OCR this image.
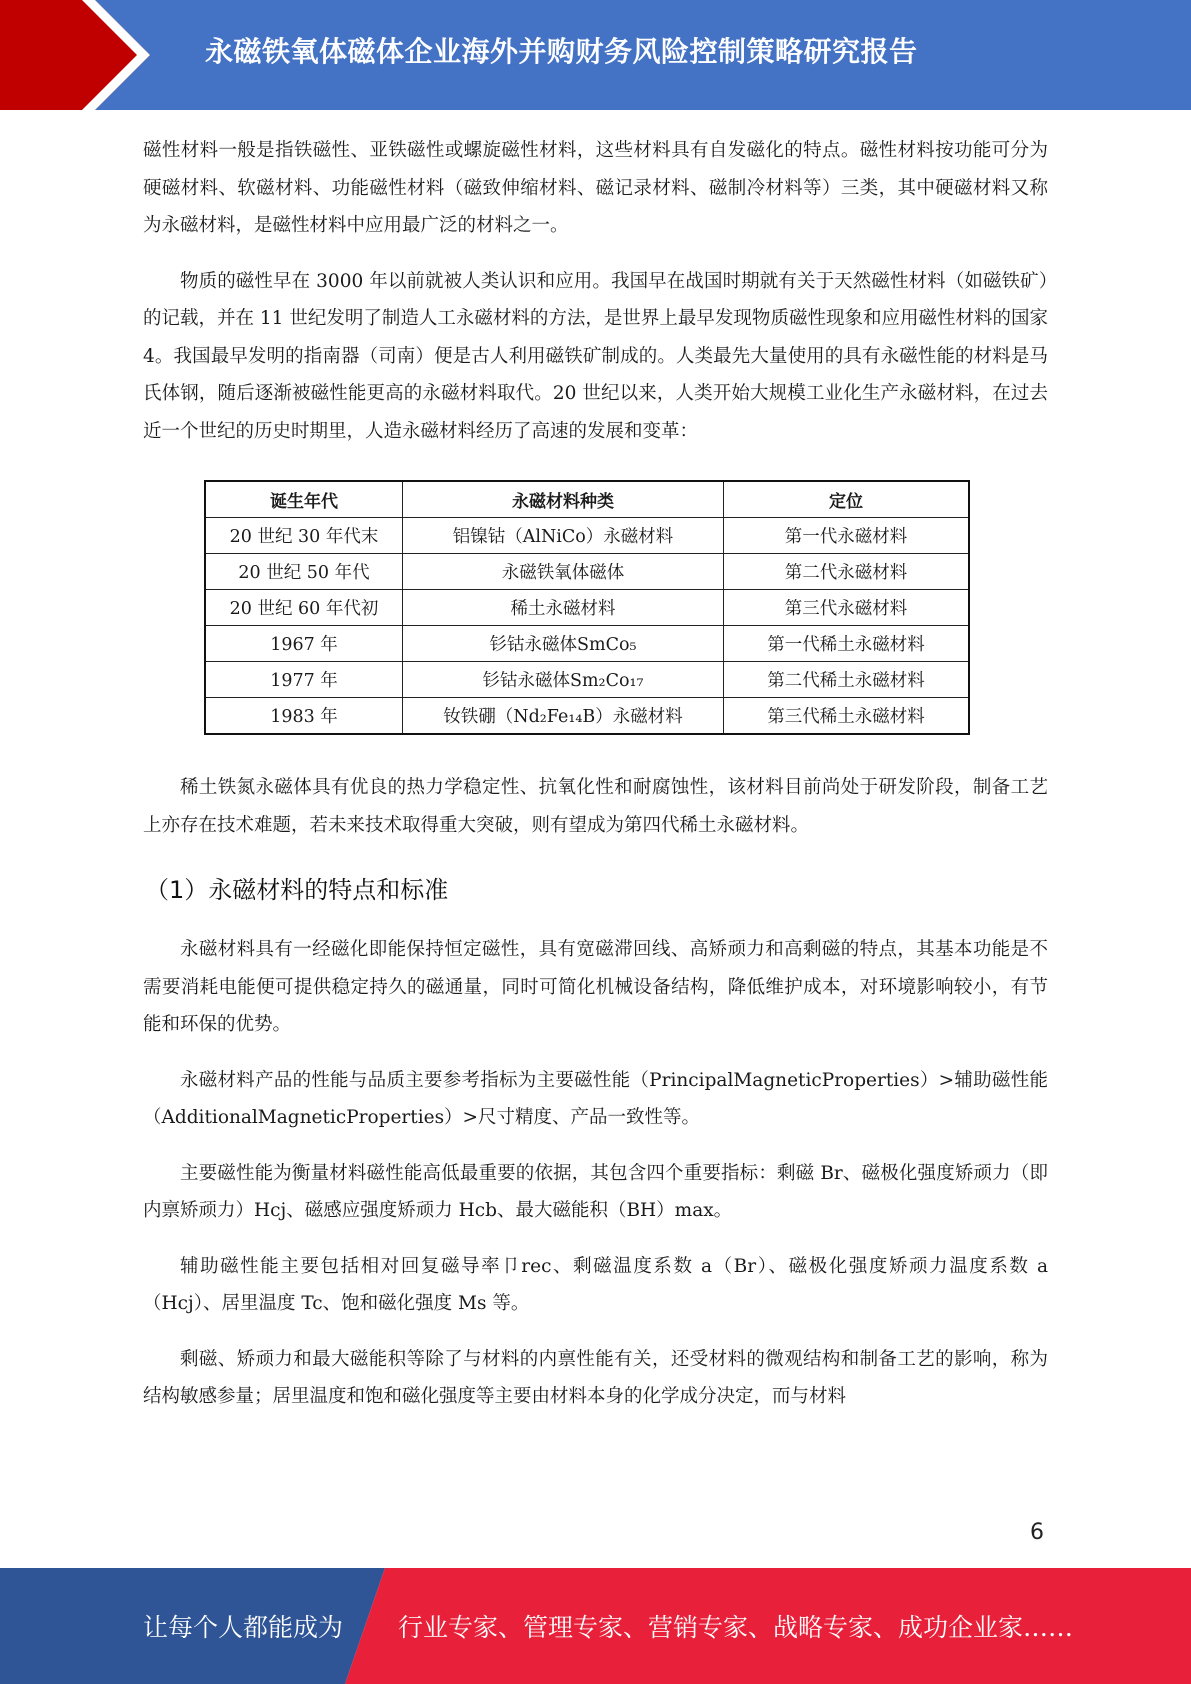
永磁铁氧体磁体企业海外并购财务风险控制策略研究报告

磁性材料一般是指铁磁性、亚铁磁性或螺旋磁性材料，这些材料具有自发磁化的特点。磁性材料按功能可分为硬磁材料、软磁材料、功能磁性材料（磁致伸缩材料、磁记录材料、磁制冷材料等）三类，其中硬磁材料又称为永磁材料，是磁性材料中应用最广泛的材料之一。

物质的磁性早在 3000 年以前就被人类认识和应用。我国早在战国时期就有关于天然磁性材料（如磁铁矿）的记载，并在 11 世纪发明了制造人工永磁材料的方法，是世界上最早发现物质磁性现象和应用磁性材料的国家 4。我国最早发明的指南器（司南）便是古人利用磁铁矿制成的。人类最先大量使用的具有永磁性能的材料是马氏体钢，随后逐渐被磁性能更高的永磁材料取代。20 世纪以来，人类开始大规模工业化生产永磁材料，在过去近一个世纪的历史时期里，人造永磁材料经历了高速的发展和变革：

诞生年代	永磁材料种类	定位
20 世纪 30 年代末	铝镍钴（AlNiCo）永磁材料	第一代永磁材料
20 世纪 50 年代	永磁铁氧体磁体	第二代永磁材料
20 世纪 60 年代初	稀土永磁材料	第三代永磁材料
1967 年	钐钴永磁体SmCo₅	第一代稀土永磁材料
1977 年	钐钴永磁体Sm₂Co₁₇	第二代稀土永磁材料
1983 年	钕铁硼（Nd₂Fe₁₄B）永磁材料	第三代稀土永磁材料

稀土铁氮永磁体具有优良的热力学稳定性、抗氧化性和耐腐蚀性，该材料目前尚处于研发阶段，制备工艺上亦存在技术难题，若未来技术取得重大突破，则有望成为第四代稀土永磁材料。

（1）永磁材料的特点和标准

永磁材料具有一经磁化即能保持恒定磁性，具有宽磁滞回线、高矫顽力和高剩磁的特点，其基本功能是不需要消耗电能便可提供稳定持久的磁通量，同时可简化机械设备结构，降低维护成本，对环境影响较小，有节能和环保的优势。

永磁材料产品的性能与品质主要参考指标为主要磁性能（PrincipalMagneticProperties）>辅助磁性能（AdditionalMagneticProperties）>尺寸精度、产品一致性等。

主要磁性能为衡量材料磁性能高低最重要的依据，其包含四个重要指标：剩磁 Br、磁极化强度矫顽力（即内禀矫顽力）Hcj、磁感应强度矫顽力 Hcb、最大磁能积（BH）max。

辅助磁性能主要包括相对回复磁导率卩rec、剩磁温度系数 a（Br）、磁极化强度矫顽力温度系数 a（Hcj）、居里温度 Tc、饱和磁化强度 Ms 等。

剩磁、矫顽力和最大磁能积等除了与材料的内禀性能有关，还受材料的微观结构和制备工艺的影响，称为结构敏感参量；居里温度和饱和磁化强度等主要由材料本身的化学成分决定，而与材料

6
让每个人都能成为 行业专家、管理专家、营销专家、战略专家、成功企业家……
